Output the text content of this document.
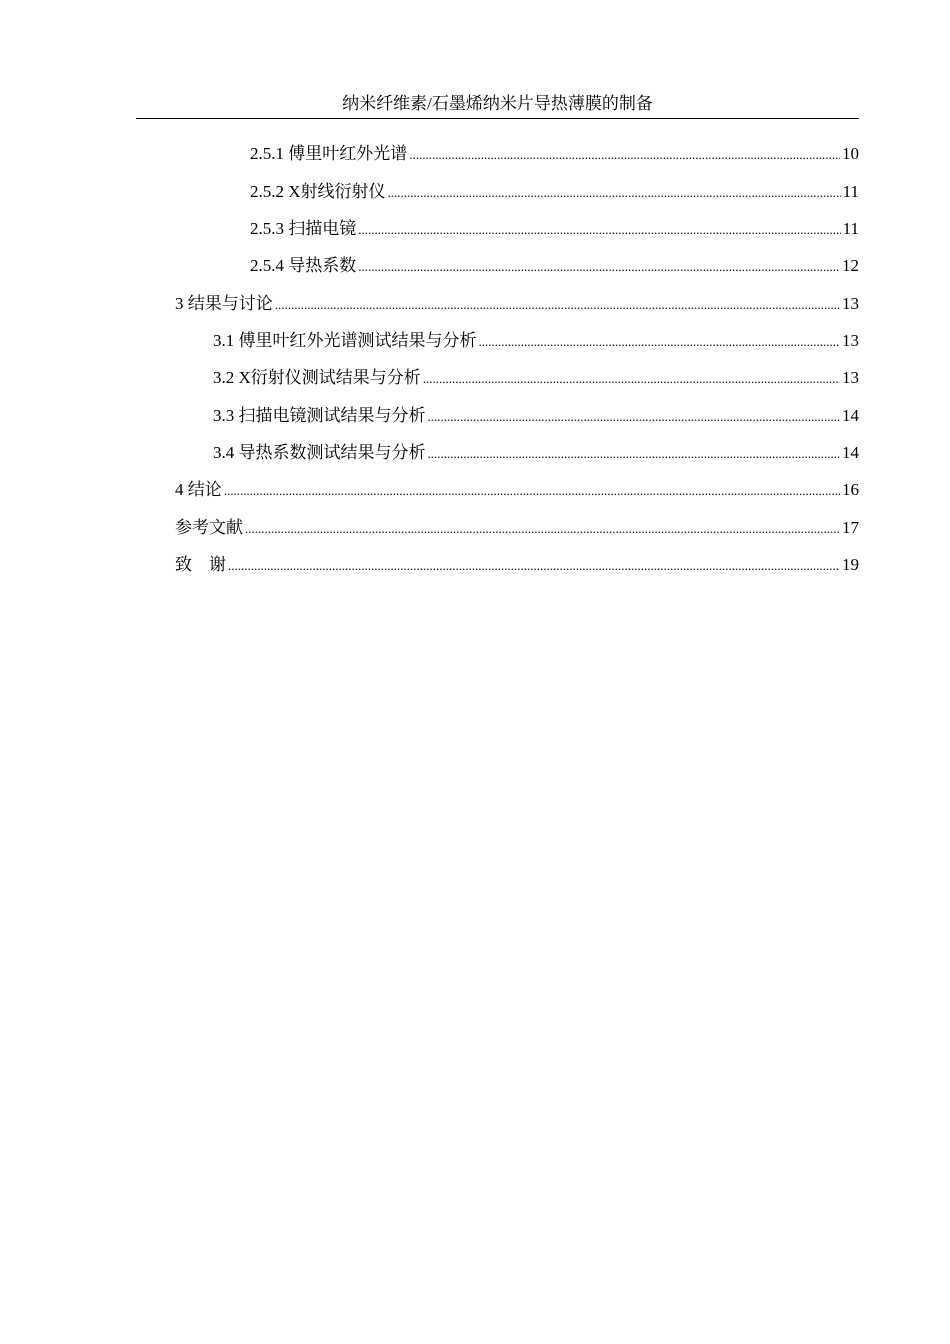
纳米纤维素/石墨烯纳米片导热薄膜的制备
2.5.1 傅里叶红外光谱 .....	10
2.5.2 X射线衍射仪 .....	11
2.5.3 扫描电镜 .....	11
2.5.4 导热系数 .....	12
3 结果与讨论 .....	13
3.1 傅里叶红外光谱测试结果与分析 .....	13
3.2 X衍射仪测试结果与分析 .....	13
3.3 扫描电镜测试结果与分析 .....	14
3.4 导热系数测试结果与分析 .....	14
4 结论 .....	16
参考文献 .....	17
致    谢 .....	19
